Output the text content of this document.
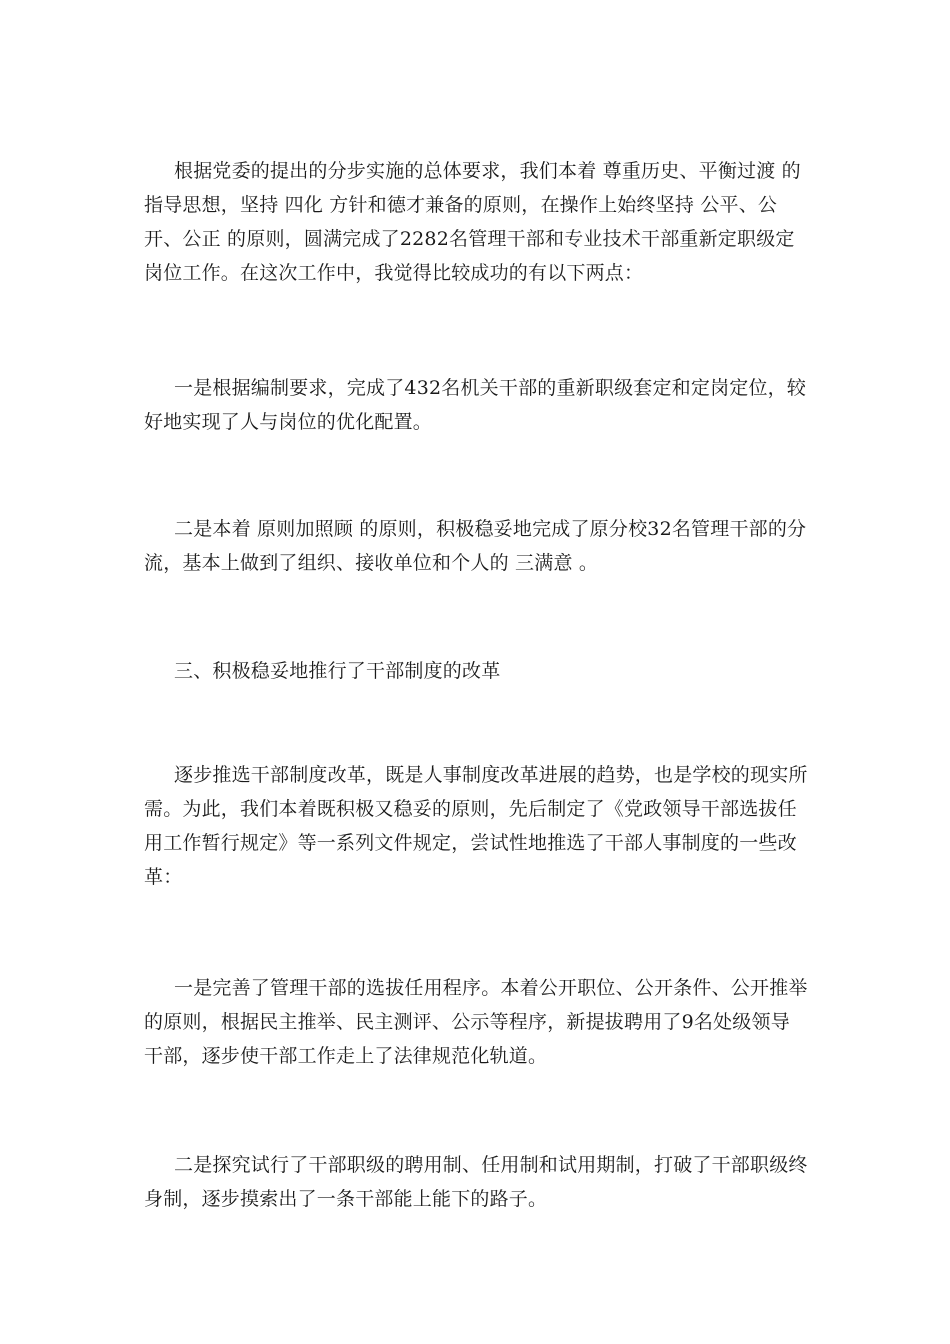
根据党委的提出的分步实施的总体要求，我们本着 尊重历史、平衡过渡 的指导思想，坚持 四化 方针和德才兼备的原则，在操作上始终坚持 公平、公开、公正 的原则，圆满完成了2282名管理干部和专业技术干部重新定职级定岗位工作。在这次工作中，我觉得比较成功的有以下两点：

一是根据编制要求，完成了432名机关干部的重新职级套定和定岗定位，较好地实现了人与岗位的优化配置。

二是本着 原则加照顾 的原则，积极稳妥地完成了原分校32名管理干部的分流，基本上做到了组织、接收单位和个人的 三满意 。

三、积极稳妥地推行了干部制度的改革

逐步推选干部制度改革，既是人事制度改革进展的趋势，也是学校的现实所需。为此，我们本着既积极又稳妥的原则，先后制定了《党政领导干部选拔任用工作暂行规定》等一系列文件规定，尝试性地推选了干部人事制度的一些改革：

一是完善了管理干部的选拔任用程序。本着公开职位、公开条件、公开推举的原则，根据民主推举、民主测评、公示等程序，新提拔聘用了9名处级领导干部，逐步使干部工作走上了法律规范化轨道。

二是探究试行了干部职级的聘用制、任用制和试用期制，打破了干部职级终身制，逐步摸索出了一条干部能上能下的路子。
